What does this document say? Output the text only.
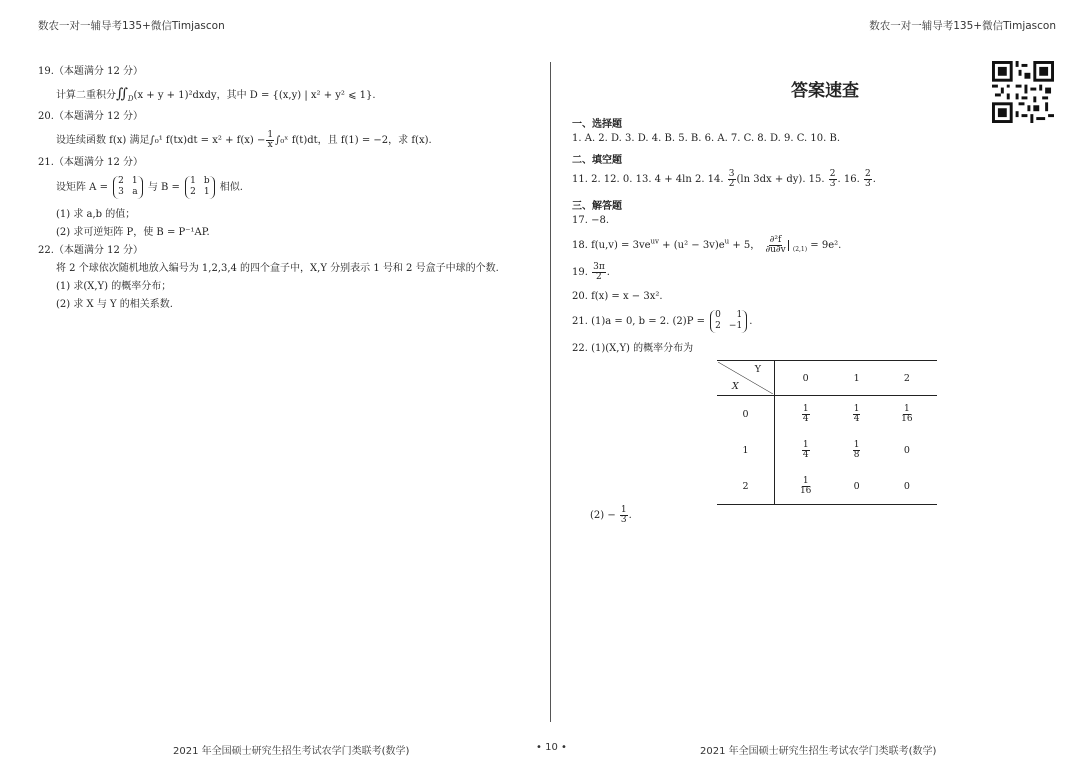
数农一对一辅导考135+微信Timjascon	数农一对一辅导考135+微信Timjascon
19.（本题满分 12 分）
计算二重积分$∬_D(x + y$ + 1)²dxdy，其中 D = {(x,y) | x² + y² ⩽ 1}.
20.（本题满分 12 分）
设连续函数 f(x) 满足∫₀¹ $f(tx)dt = x^2 + f(x) - \frac{1}{x}$ ∫₀ˣ f(t)dt，且 f(1) = −2，求 f(x).
21.（本题满分 12 分）
设矩阵 A =
2 1
3 a 与 B =
1 b
2 1 相似.
(1) 求 a,b 的值；
(2) 求可逆矩阵 P，使 B = P⁻¹AP.
22.（本题满分 12 分）
将 2 个球依次随机地放入编号为 1,2,3,4 的四个盒子中，X,Y 分别表示 1 号和 2 号盒子中球的个数.
(1) 求(X,Y) 的概率分布；
(2) 求 X 与 Y 的相关系数.
答案速查
一、选择题
1. A. 2. D. 3. D. 4. B. 5. B. 6. A. 7. C. 8. D. 9. C. 10. B.
二、填空题
11. 2. 12. 0. 13. 4 + 4ln 2. 14. $\frac{3}{2} (\ln$ 3dx + dy). 15. $\frac{2}{3}$ . 16. $\frac{2}{3}$ .
三、解答题
17. −8.
18. $f(u,v) = 3ve^{uv} + (u^2 - 3v)e^u + 5$， $\frac{\text{∂²f}}{\partial u\partial v} _{(2,1)} = 9e^2$.
19. $\frac{3\pi}{2}$ .
20. f(x) = x − 3x².
21. (1)a = 0, b = 2. (2)P =
0 1
2 −1 .
22. (1)(X,Y) 的概率分布为
Y
X	0	1	2
0	$\frac{1}{4}$	$\frac{1}{4}$	$\frac{1}{16}$

1	$\frac{1}{4}$	$\frac{1}{8}$	0
2	$\frac{1}{16}$	0	0
$(2) - \frac{1}{3}$ .
2021 年全国硕士研究生招生考试农学门类联考(数学)	• 10 •	2021 年全国硕士研究生招生考试农学门类联考(数学)
